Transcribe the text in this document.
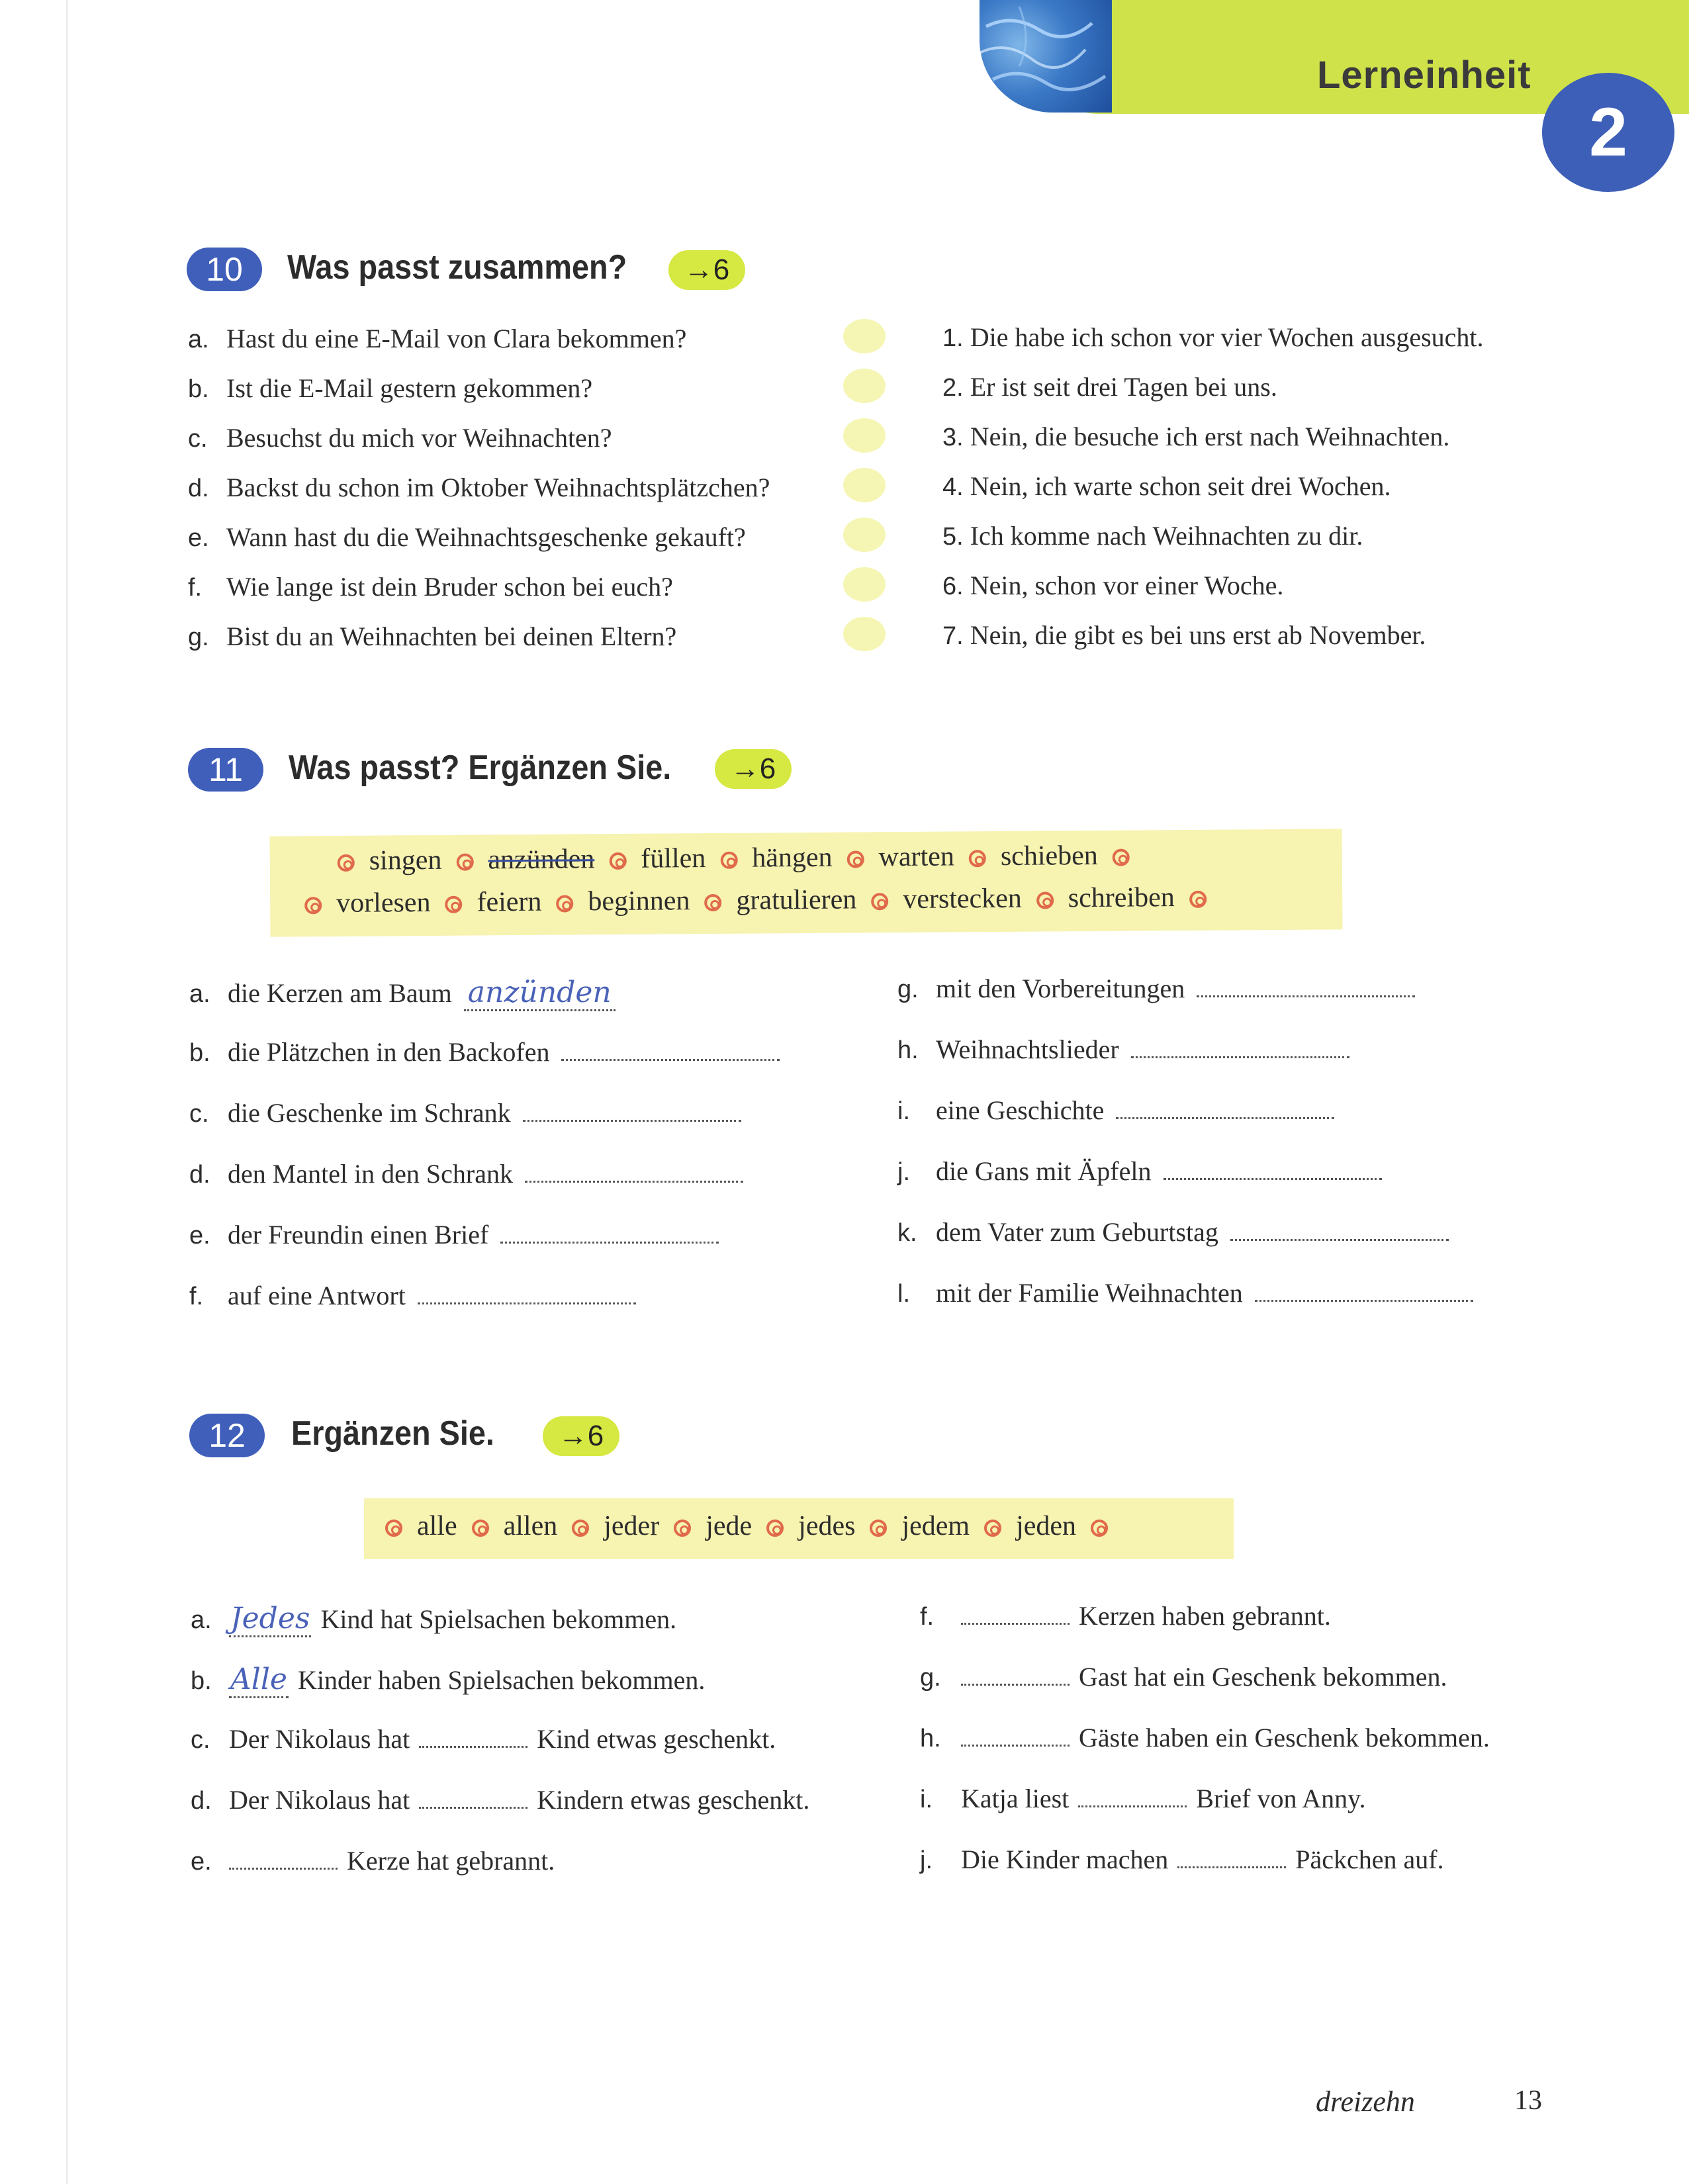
Lerneinheit
2
10	Was passt zusammen?	→6
a. Hast du eine E-Mail von Clara bekommen?
b. Ist die E-Mail gestern gekommen?
c. Besuchst du mich vor Weihnachten?
d. Backst du schon im Oktober Weihnachtsplätzchen?
e. Wann hast du die Weihnachtsgeschenke gekauft?
f. Wie lange ist dein Bruder schon bei euch?
g. Bist du an Weihnachten bei deinen Eltern?
1. Die habe ich schon vor vier Wochen ausgesucht.
2. Er ist seit drei Tagen bei uns.
3. Nein, die besuche ich erst nach Weihnachten.
4. Nein, ich warte schon seit drei Wochen.
5. Ich komme nach Weihnachten zu dir.
6. Nein, schon vor einer Woche.
7. Nein, die gibt es bei uns erst ab November.
11	Was passt? Ergänzen Sie.	→6
singen anzünden füllen hängen warten schieben
vorlesen feiern beginnen gratulieren verstecken schreiben
a. die Kerzen am Baum anzünden
b. die Plätzchen in den Backofen
c. die Geschenke im Schrank
d. den Mantel in den Schrank
e. der Freundin einen Brief
f. auf eine Antwort
g. mit den Vorbereitungen
h. Weihnachtslieder
i. eine Geschichte
j. die Gans mit Äpfeln
k. dem Vater zum Geburtstag
l. mit der Familie Weihnachten
12	Ergänzen Sie.	→6
alle allen jeder jede jedes jedem jeden
a. Jedes Kind hat Spielsachen bekommen.
b. Alle Kinder haben Spielsachen bekommen.
c. Der Nikolaus hat	Kind etwas geschenkt.
d. Der Nikolaus hat	Kindern etwas geschenkt.
e.	Kerze hat gebrannt.
f.	Kerzen haben gebrannt.
g.	Gast hat ein Geschenk bekommen.
h.	Gäste haben ein Geschenk bekommen.
i. Katja liest	Brief von Anny.
j. Die Kinder machen	Päckchen auf.
dreizehn	13
